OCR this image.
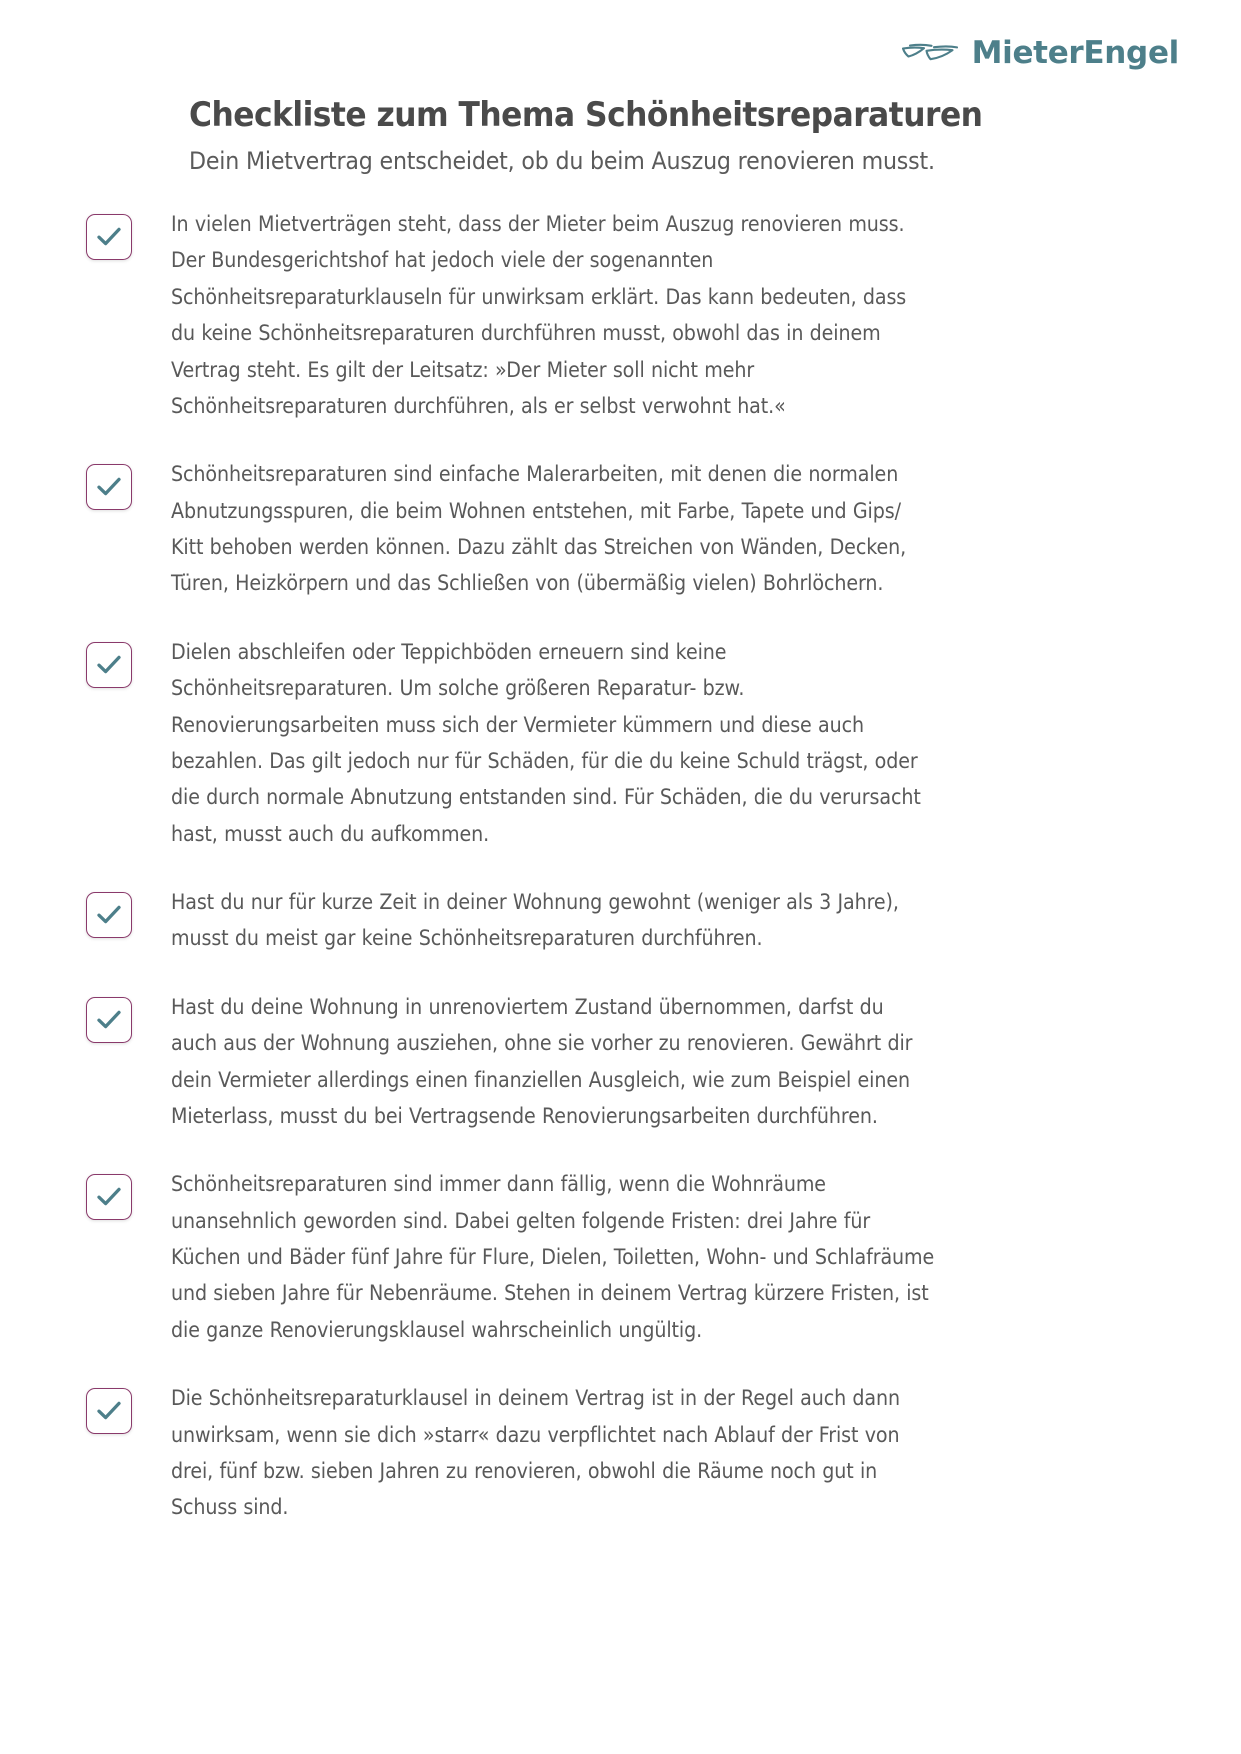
MieterEngel
Checkliste zum Thema Schönheitsreparaturen

Dein Mietvertrag entscheidet, ob du beim Auszug renovieren musst.

In vielen Mietverträgen steht, dass der Mieter beim Auszug renovieren muss. Der Bundesgerichtshof hat jedoch viele der sogenannten Schönheitsreparaturklauseln für unwirksam erklärt. Das kann bedeuten, dass du keine Schönheitsreparaturen durchführen musst, obwohl das in deinem Vertrag steht. Es gilt der Leitsatz: »Der Mieter soll nicht mehr Schönheitsreparaturen durchführen, als er selbst verwohnt hat.«

Schönheitsreparaturen sind einfache Malerarbeiten, mit denen die normalen Abnutzungsspuren, die beim Wohnen entstehen, mit Farbe, Tapete und Gips/ Kitt behoben werden können. Dazu zählt das Streichen von Wänden, Decken, Türen, Heizkörpern und das Schließen von (übermäßig vielen) Bohrlöchern.

Dielen abschleifen oder Teppichböden erneuern sind keine Schönheitsreparaturen. Um solche größeren Reparatur- bzw. Renovierungsarbeiten muss sich der Vermieter kümmern und diese auch bezahlen. Das gilt jedoch nur für Schäden, für die du keine Schuld trägst, oder die durch normale Abnutzung entstanden sind. Für Schäden, die du verursacht hast, musst auch du aufkommen.

Hast du nur für kurze Zeit in deiner Wohnung gewohnt (weniger als 3 Jahre), musst du meist gar keine Schönheitsreparaturen durchführen.

Hast du deine Wohnung in unrenoviertem Zustand übernommen, darfst du auch aus der Wohnung ausziehen, ohne sie vorher zu renovieren. Gewährt dir dein Vermieter allerdings einen finanziellen Ausgleich, wie zum Beispiel einen Mieterlass, musst du bei Vertragsende Renovierungsarbeiten durchführen.

Schönheitsreparaturen sind immer dann fällig, wenn die Wohnräume unansehnlich geworden sind. Dabei gelten folgende Fristen: drei Jahre für Küchen und Bäder fünf Jahre für Flure, Dielen, Toiletten, Wohn- und Schlafräume und sieben Jahre für Nebenräume. Stehen in deinem Vertrag kürzere Fristen, ist die ganze Renovierungsklausel wahrscheinlich ungültig.

Die Schönheitsreparaturklausel in deinem Vertrag ist in der Regel auch dann unwirksam, wenn sie dich »starr« dazu verpflichtet nach Ablauf der Frist von drei, fünf bzw. sieben Jahren zu renovieren, obwohl die Räume noch gut in Schuss sind.
